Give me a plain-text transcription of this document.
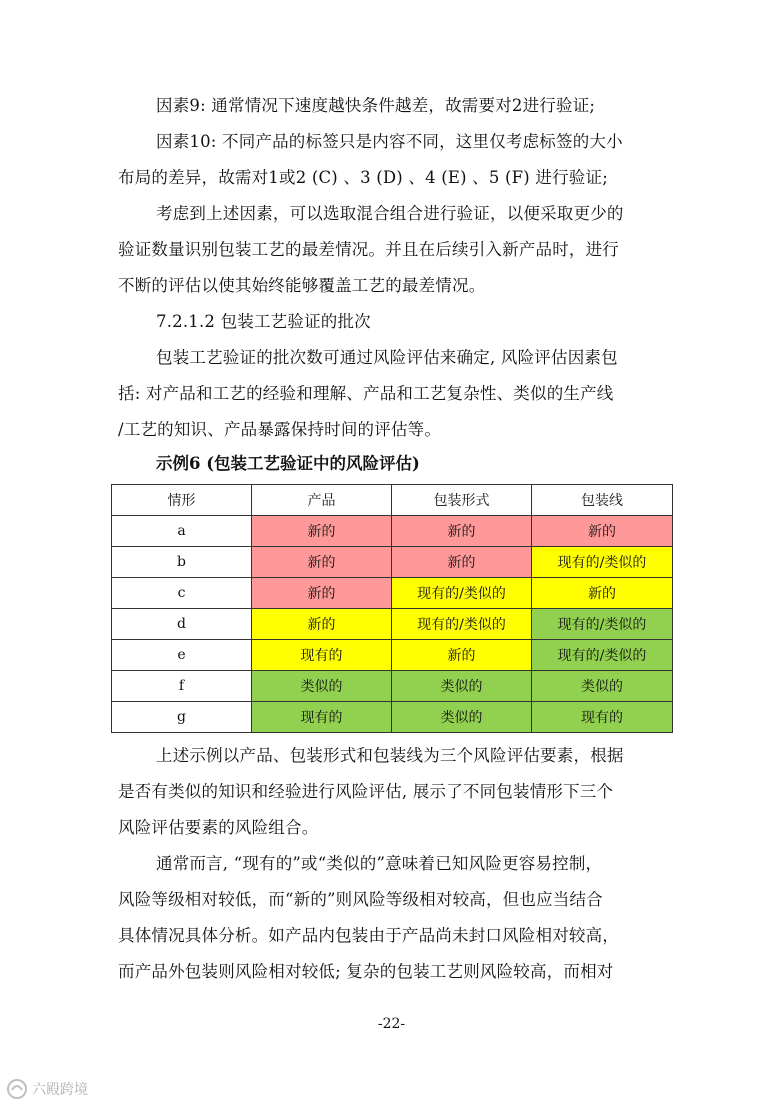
因素9: 通常情况下速度越快条件越差，故需要对2进行验证;
因素10: 不同产品的标签只是内容不同，这里仅考虑标签的大小
布局的差异，故需对1或2 (C) 、3 (D) 、4 (E) 、5 (F) 进行验证;
考虑到上述因素，可以选取混合组合进行验证，以便采取更少的
验证数量识别包装工艺的最差情况。并且在后续引入新产品时，进行
不断的评估以使其始终能够覆盖工艺的最差情况。
7.2.1.2 包装工艺验证的批次
包装工艺验证的批次数可通过风险评估来确定, 风险评估因素包
括: 对产品和工艺的经验和理解、产品和工艺复杂性、类似的生产线
/工艺的知识、产品暴露保持时间的评估等。
示例6 (包装工艺验证中的风险评估)
情形	产品	包装形式	包装线
a	新的	新的	新的
b	新的	新的	现有的/类似的
c	新的	现有的/类似的	新的
d	新的	现有的/类似的	现有的/类似的
e	现有的	新的	现有的/类似的
f	类似的	类似的	类似的
g	现有的	类似的	现有的
上述示例以产品、包装形式和包装线为三个风险评估要素，根据
是否有类似的知识和经验进行风险评估, 展示了不同包装情形下三个
风险评估要素的风险组合。
通常而言, “现有的”或“类似的”意味着已知风险更容易控制，
风险等级相对较低，而“新的”则风险等级相对较高，但也应当结合
具体情况具体分析。如产品内包装由于产品尚未封口风险相对较高，
而产品外包装则风险相对较低; 复杂的包装工艺则风险较高，而相对
-22-
六殿跨境
